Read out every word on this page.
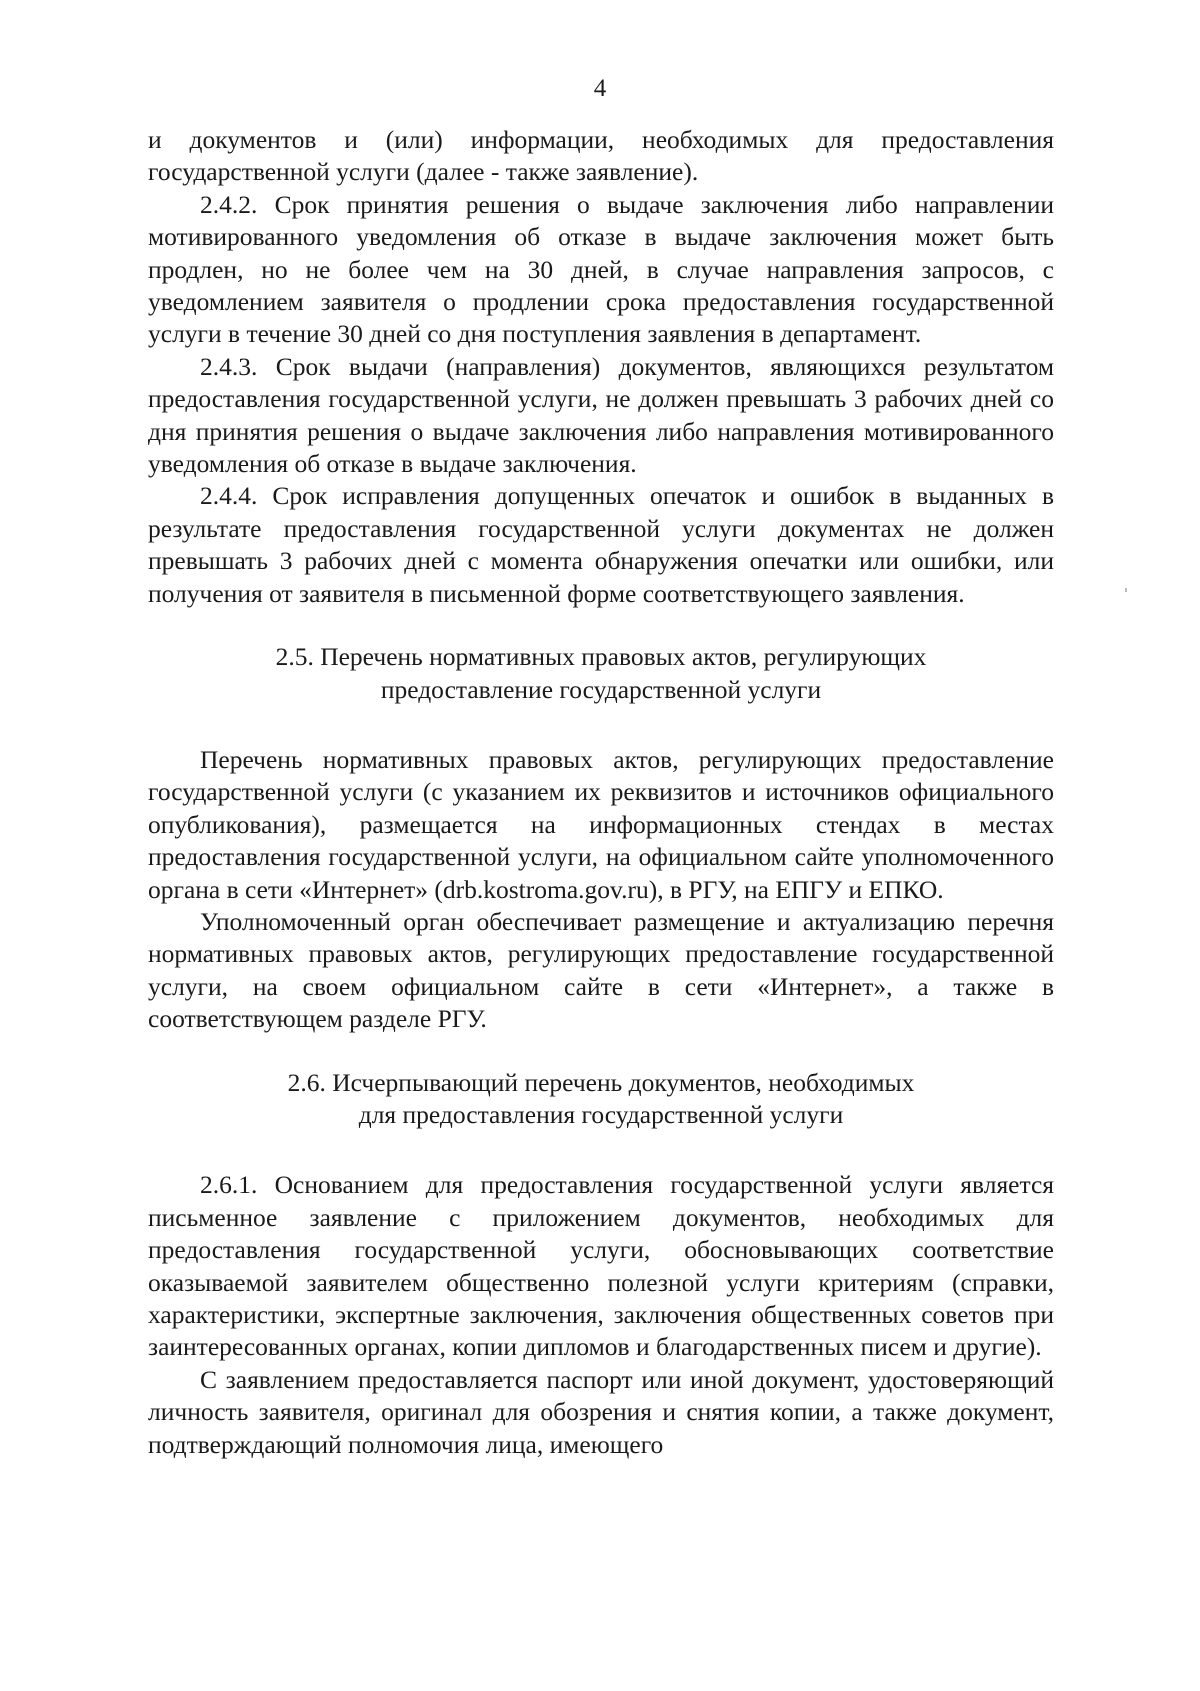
4

и документов и (или) информации, необходимых для предоставления государственной услуги (далее - также заявление).

2.4.2. Срок принятия решения о выдаче заключения либо направлении мотивированного уведомления об отказе в выдаче заключения может быть продлен, но не более чем на 30 дней, в случае направления запросов, с уведомлением заявителя о продлении срока предоставления государственной услуги в течение 30 дней со дня поступления заявления в департамент.

2.4.3. Срок выдачи (направления) документов, являющихся результатом предоставления государственной услуги, не должен превышать 3 рабочих дней со дня принятия решения о выдаче заключения либо направления мотивированного уведомления об отказе в выдаче заключения.

2.4.4. Срок исправления допущенных опечаток и ошибок в выданных в результате предоставления государственной услуги документах не должен превышать 3 рабочих дней с момента обнаружения опечатки или ошибки, или получения от заявителя в письменной форме соответствующего заявления.

2.5. Перечень нормативных правовых актов, регулирующих
предоставление государственной услуги

Перечень нормативных правовых актов, регулирующих предоставление государственной услуги (с указанием их реквизитов и источников официального опубликования), размещается на информационных стендах в местах предоставления государственной услуги, на официальном сайте уполномоченного органа в сети «Интернет» (drb.kostroma.gov.ru), в РГУ, на ЕПГУ и ЕПКО.

Уполномоченный орган обеспечивает размещение и актуализацию перечня нормативных правовых актов, регулирующих предоставление государственной услуги, на своем официальном сайте в сети «Интернет», а также в соответствующем разделе РГУ.

2.6. Исчерпывающий перечень документов, необходимых
для предоставления государственной услуги

2.6.1. Основанием для предоставления государственной услуги является письменное заявление с приложением документов, необходимых для предоставления государственной услуги, обосновывающих соответствие оказываемой заявителем общественно полезной услуги критериям (справки, характеристики, экспертные заключения, заключения общественных советов при заинтересованных органах, копии дипломов и благодарственных писем и другие).

С заявлением предоставляется паспорт или иной документ, удостоверяющий личность заявителя, оригинал для обозрения и снятия копии, а также документ, подтверждающий полномочия лица, имеющего
